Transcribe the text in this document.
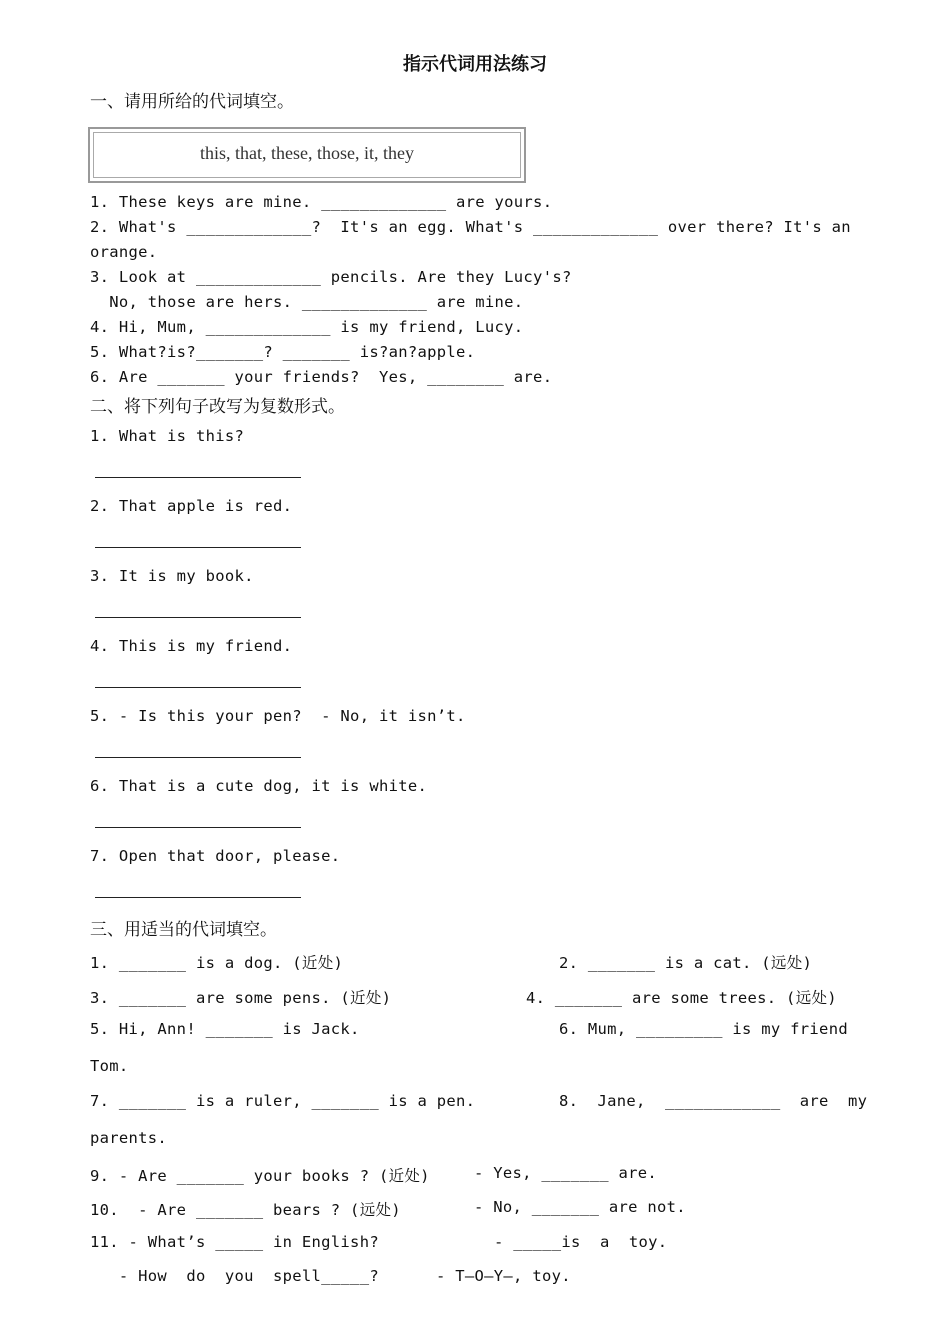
指示代词用法练习
一、请用所给的代词填空。
this, that, these, those, it, they
1. These keys are mine. _____________ are yours.
2. What's _____________?  It's an egg. What's _____________ over there? It's an
orange.
3. Look at _____________ pencils. Are they Lucy's?
No, those are hers. _____________ are mine.
4. Hi, Mum, _____________ is my friend, Lucy.
5. What?is?_______? _______ is?an?apple.
6. Are _______ your friends?  Yes, ________ are.
二、将下列句子改写为复数形式。
1. What is this?
2. That apple is red.
3. It is my book.
4. This is my friend.
5. - Is this your pen?  - No, it isn’t.
6. That is a cute dog, it is white.
7. Open that door, please.
三、用适当的代词填空。
1. _______ is a dog. (近处)	2. _______ is a cat. (远处)
3. _______ are some pens. (近处)	4. _______ are some trees. (远处)
5. Hi, Ann! _______ is Jack.	6. Mum, _________ is my friend
Tom.
7. _______ is a ruler, _______ is a pen.	8.  Jane,  ____________  are  my
parents.
9. - Are _______ your books ? (近处)	- Yes, _______ are.
10.  - Are _______ bears ? (远处)	- No, _______ are not.
11. - What’s _____ in English?	- _____is  a  toy.
- How  do  you  spell_____?	- T—O—Y—, toy.
